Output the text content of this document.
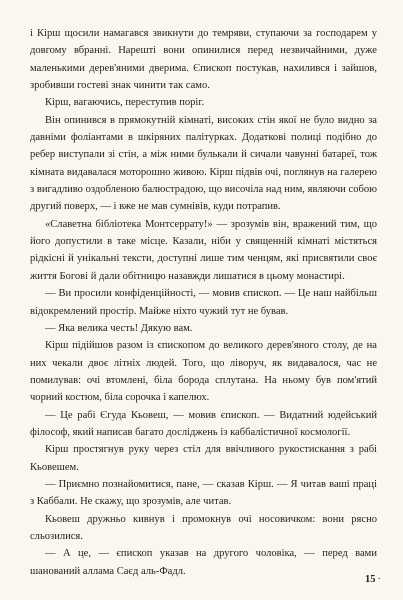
і Кірш щосили намагався звикнути до темряви, ступаючи за господарем у довгому вбранні. Нарешті вони опинилися перед незвичайними, дуже маленькими дерев'яними дверима. Єпископ постукав, нахилився і зайшов, зробивши гостеві знак чинити так само.

Кірш, вагаючись, переступив поріг.

Він опинився в прямокутній кімнаті, високих стін якої не було видно за давніми фоліантами в шкіряних палітурках. Додаткові полиці подібно до ребер виступали зі стін, а між ними булькали й сичали чавунні батареї, тож кімната видавалася моторошно живою. Кірш підвів очі, поглянув на галерею з вигадливо оздобленою балюстрадою, що височіла над ним, являючи собою другий поверх, — і вже не мав сумнівів, куди потрапив.

«Славетна бібліотека Монтсеррату!» — зрозумів він, вражений тим, що його допустили в таке місце. Казали, ніби у священній кімнаті містяться рідкісні й унікальні тексти, доступні лише тим ченцям, які присвятили своє життя Богові й дали обітницю назавжди лишатися в цьому монастирі.

— Ви просили конфіденційності, — мовив єпископ. — Це наш найбільш відокремлений простір. Майже ніхто чужий тут не бував.

— Яка велика честь! Дякую вам.

Кірш підійшов разом із єпископом до великого дерев'яного столу, де на них чекали двоє літніх людей. Того, що ліворуч, як видавалося, час не помилував: очі втомлені, біла борода сплутана. На ньому був пом'ятий чорний костюм, біла сорочка і капелюх.

— Це рабі Єгуда Кьовеш, — мовив єпископ. — Видатний юдейський філософ, який написав багато досліджень із каббалістичної космології.

Кірш простягнув руку через стіл для ввічливого рукостискання з рабі Кьовешем.

— Приємно познайомитися, пане, — сказав Кірш. — Я читав ваші праці з Каббали. Не скажу, що зрозумів, але читав.

Кьовеш дружньо кивнув і промокнув очі носовичком: вони рясно сльозилися.

— А це, — єпископ указав на другого чоловіка, — перед вами шанований аллама Саєд аль-Фадл.

15 ·
